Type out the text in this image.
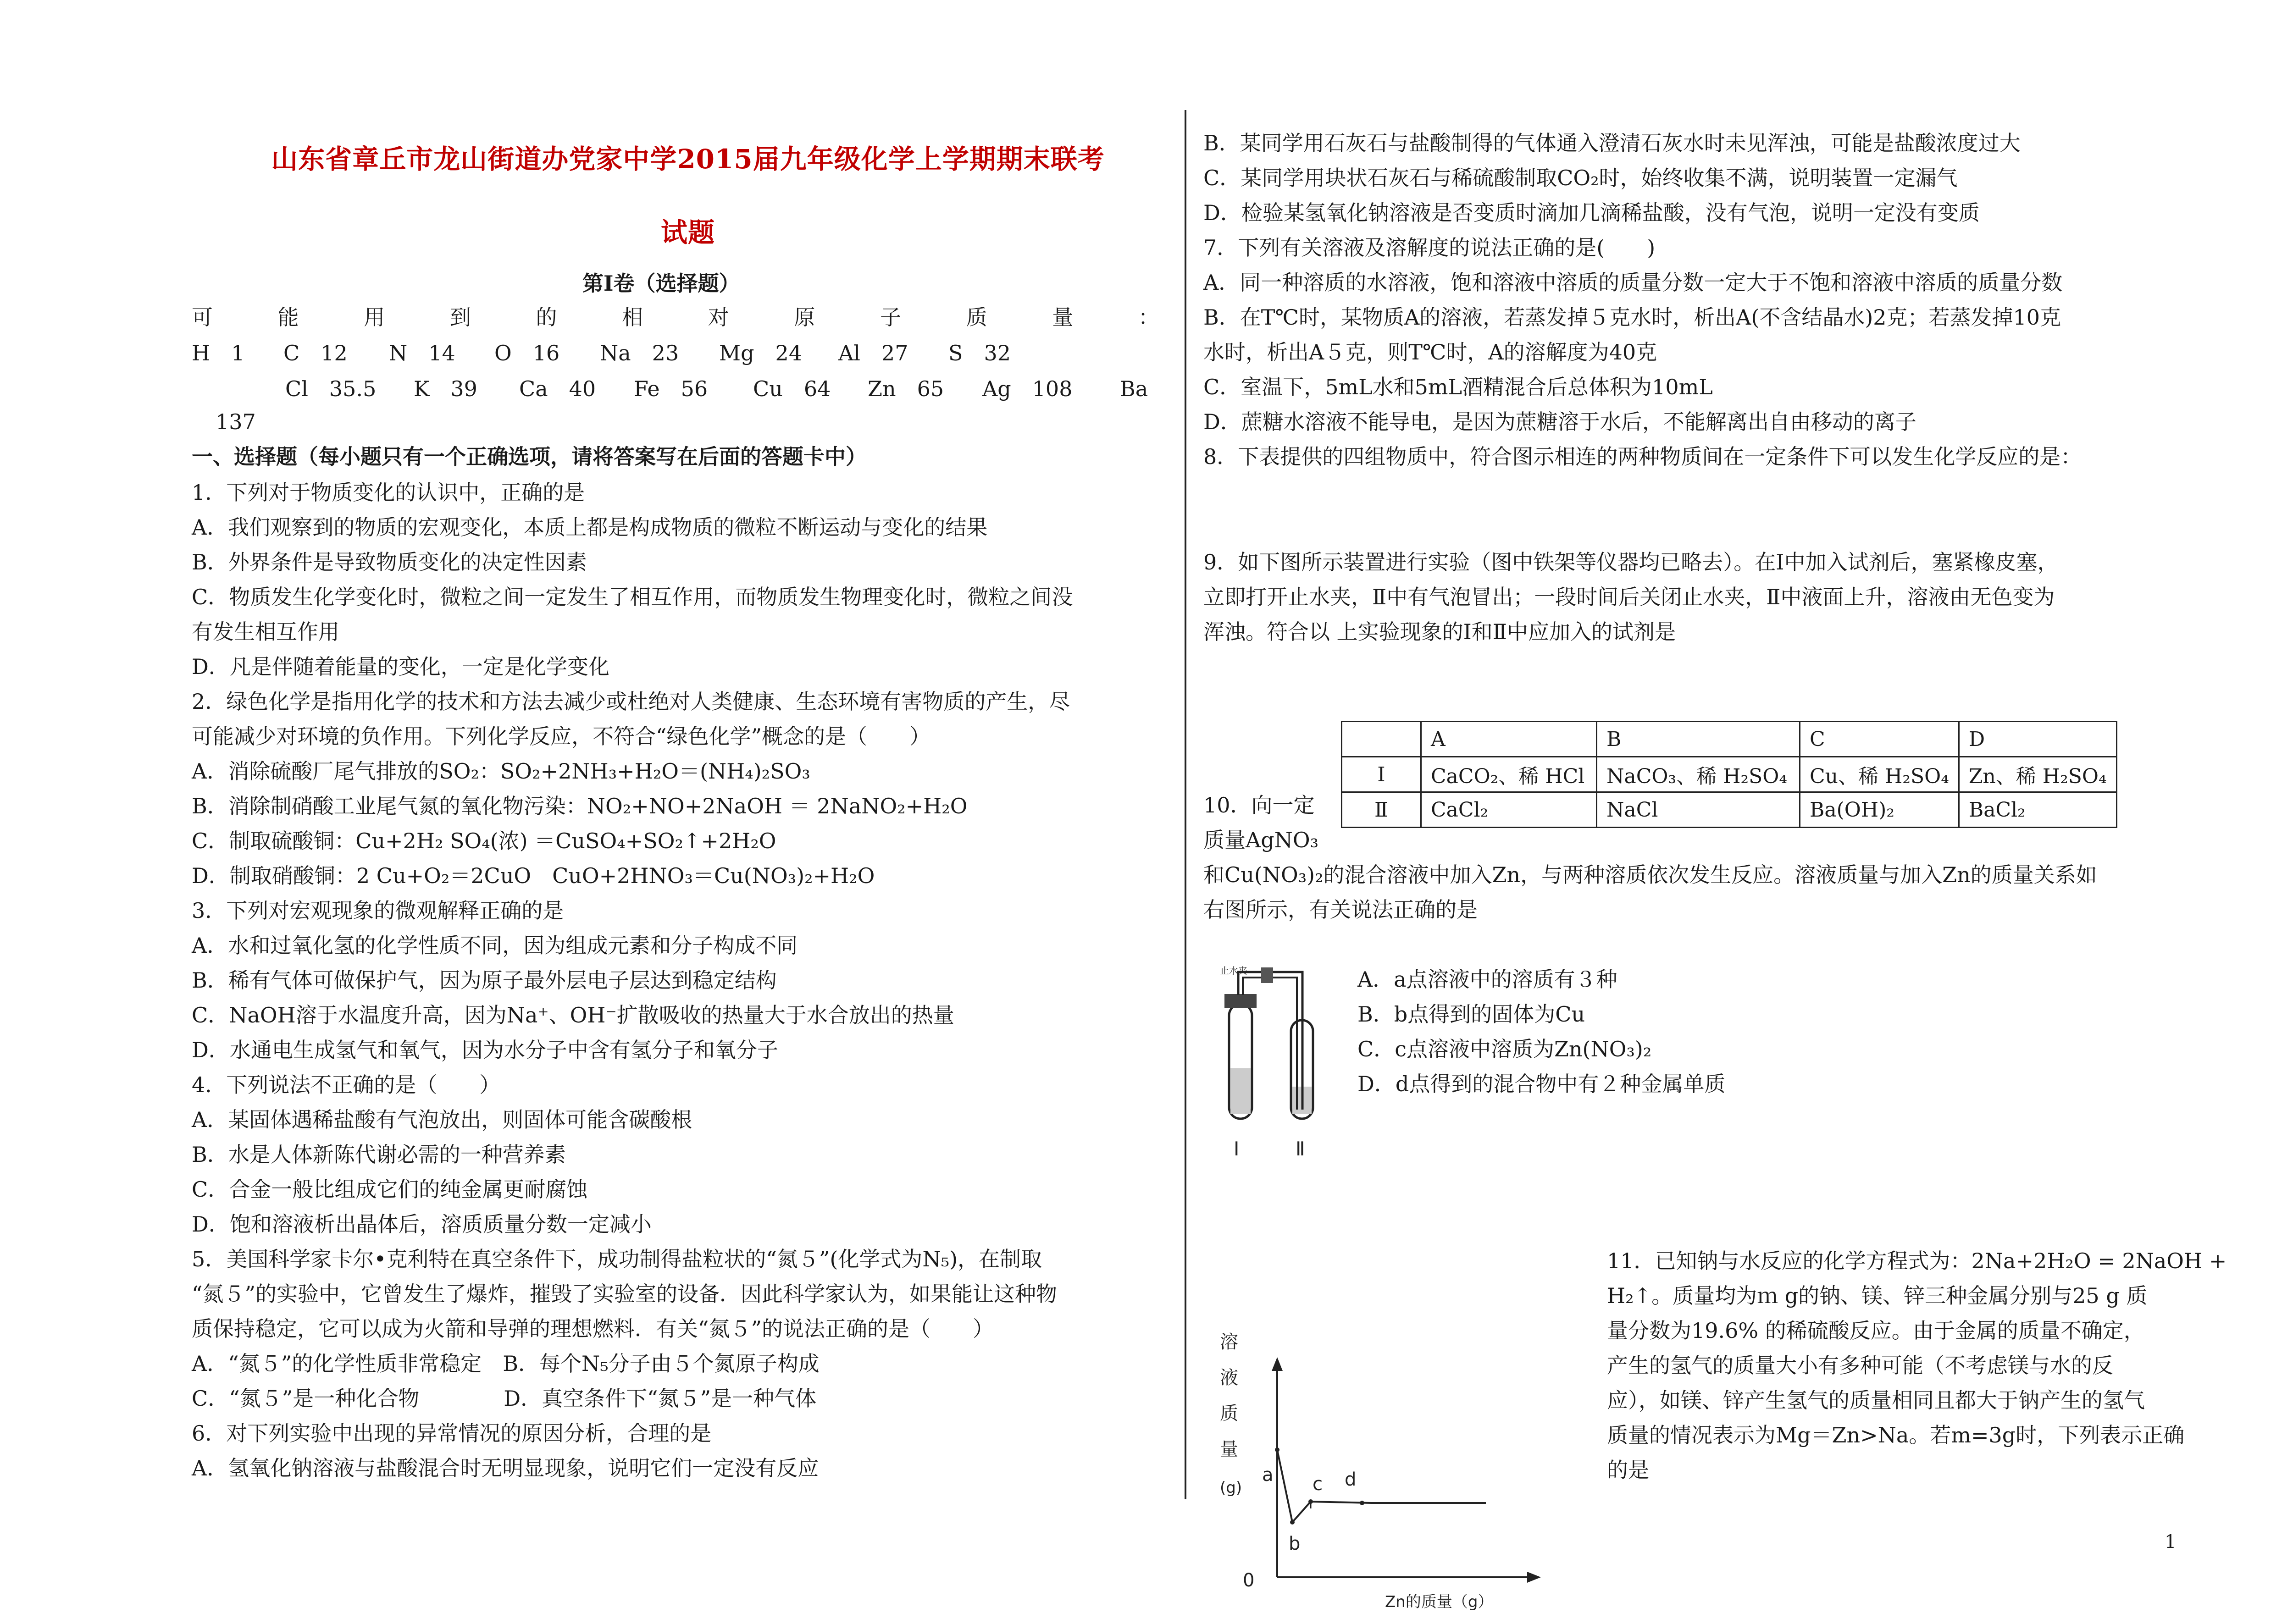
山东省章丘市龙山街道办党家中学2015届九年级化学上学期期末联考
试题
第Ⅰ卷（选择题）
可	能	用	到	的	相	对	原	子	质	量	：
H　1	C　12	N　14	O　16	Na　23	Mg　24	Al　27	S　32
Cl　35.5	K　39	Ca　40	Fe　56	Cu　64	Zn　65	Ag　108	Ba
137
一、选择题（每小题只有一个正确选项，请将答案写在后面的答题卡中）
1．下列对于物质变化的认识中，正确的是
A．我们观察到的物质的宏观变化，本质上都是构成物质的微粒不断运动与变化的结果
B．外界条件是导致物质变化的决定性因素
C．物质发生化学变化时，微粒之间一定发生了相互作用，而物质发生物理变化时，微粒之间没
有发生相互作用
D．凡是伴随着能量的变化，一定是化学变化
2．绿色化学是指用化学的技术和方法去减少或杜绝对人类健康、生态环境有害物质的产生，尽
可能减少对环境的负作用。下列化学反应，不符合“绿色化学”概念的是（　　）
A．消除硫酸厂尾气排放的SO₂：SO₂+2NH₃+H₂O＝(NH₄)₂SO₃
B．消除制硝酸工业尾气氮的氧化物污染：NO₂+NO+2NaOH ＝ 2NaNO₂+H₂O
C．制取硫酸铜：Cu+2H₂ SO₄(浓) ＝CuSO₄+SO₂↑+2H₂O
D．制取硝酸铜：2 Cu+O₂＝2CuO　CuO+2HNO₃＝Cu(NO₃)₂+H₂O
3．下列对宏观现象的微观解释正确的是
A．水和过氧化氢的化学性质不同，因为组成元素和分子构成不同
B．稀有气体可做保护气，因为原子最外层电子层达到稳定结构
C．NaOH溶于水温度升高，因为Na⁺、OH⁻扩散吸收的热量大于水合放出的热量
D．水通电生成氢气和氧气，因为水分子中含有氢分子和氧分子
4．下列说法不正确的是（　　）
A．某固体遇稀盐酸有气泡放出，则固体可能含碳酸根
B．水是人体新陈代谢必需的一种营养素
C．合金一般比组成它们的纯金属更耐腐蚀
D．饱和溶液析出晶体后，溶质质量分数一定减小
5．美国科学家卡尔•克利特在真空条件下，成功制得盐粒状的“氮５”(化学式为N₅)，在制取
“氮５”的实验中，它曾发生了爆炸，摧毁了实验室的设备．因此科学家认为，如果能让这种物
质保持稳定，它可以成为火箭和导弹的理想燃料．有关“氮５”的说法正确的是（　　）
A．“氮５”的化学性质非常稳定　B．每个N₅分子由５个氮原子构成
C．“氮５”是一种化合物　　　　D．真空条件下“氮５”是一种气体
6．对下列实验中出现的异常情况的原因分析，合理的是
A．氢氧化钠溶液与盐酸混合时无明显现象，说明它们一定没有反应
B．某同学用石灰石与盐酸制得的气体通入澄清石灰水时未见浑浊，可能是盐酸浓度过大
C．某同学用块状石灰石与稀硫酸制取CO₂时，始终收集不满，说明装置一定漏气
D．检验某氢氧化钠溶液是否变质时滴加几滴稀盐酸，没有气泡，说明一定没有变质
7．下列有关溶液及溶解度的说法正确的是(　　)
A．同一种溶质的水溶液，饱和溶液中溶质的质量分数一定大于不饱和溶液中溶质的质量分数
B．在T℃时，某物质A的溶液，若蒸发掉５克水时，析出A(不含结晶水)2克；若蒸发掉10克
水时，析出A５克，则T℃时，A的溶解度为40克
C．室温下，5mL水和5mL酒精混合后总体积为10mL
D．蔗糖水溶液不能导电，是因为蔗糖溶于水后，不能解离出自由移动的离子
8．下表提供的四组物质中，符合图示相连的两种物质间在一定条件下可以发生化学反应的是：
9．如下图所示装置进行实验（图中铁架等仪器均已略去）。在Ⅰ中加入试剂后，塞紧橡皮塞，
立即打开止水夹，Ⅱ中有气泡冒出；一段时间后关闭止水夹，Ⅱ中液面上升，溶液由无色变为
浑浊。符合以 上实验现象的Ⅰ和Ⅱ中应加入的试剂是
	A	B	C	D
Ⅰ	CaCO₂、稀 HCl	NaCO₃、稀 H₂SO₄	Cu、稀 H₂SO₄	Zn、稀 H₂SO₄
Ⅱ	CaCl₂	NaCl	Ba(OH)₂	BaCl₂
10．向一定
质量AgNO₃
和Cu(NO₃)₂的混合溶液中加入Zn，与两种溶质依次发生反应。溶液质量与加入Zn的质量关系如
右图所示，有关说法正确的是
止水夹
Ⅰ	Ⅱ
A．a点溶液中的溶质有３种
B．b点得到的固体为Cu
C．c点溶液中溶质为Zn(NO₃)₂
D．d点得到的混合物中有２种金属单质
11．已知钠与水反应的化学方程式为：2Na+2H₂O = 2NaOH +
H₂↑。质量均为ｍ g的钠、镁、锌三种金属分别与25 g 质
量分数为19.6% 的稀硫酸反应。由于金属的质量不确定，
产生的氢气的质量大小有多种可能（不考虑镁与水的反
应），如镁、锌产生氢气的质量相同且都大于钠产生的氢气
质量的情况表示为Mg＝Zn>Na。若m=3g时，下列表示正确
的是
溶
液
质
量
(g)
0
Zn的质量（g）
a
b
c d
1
